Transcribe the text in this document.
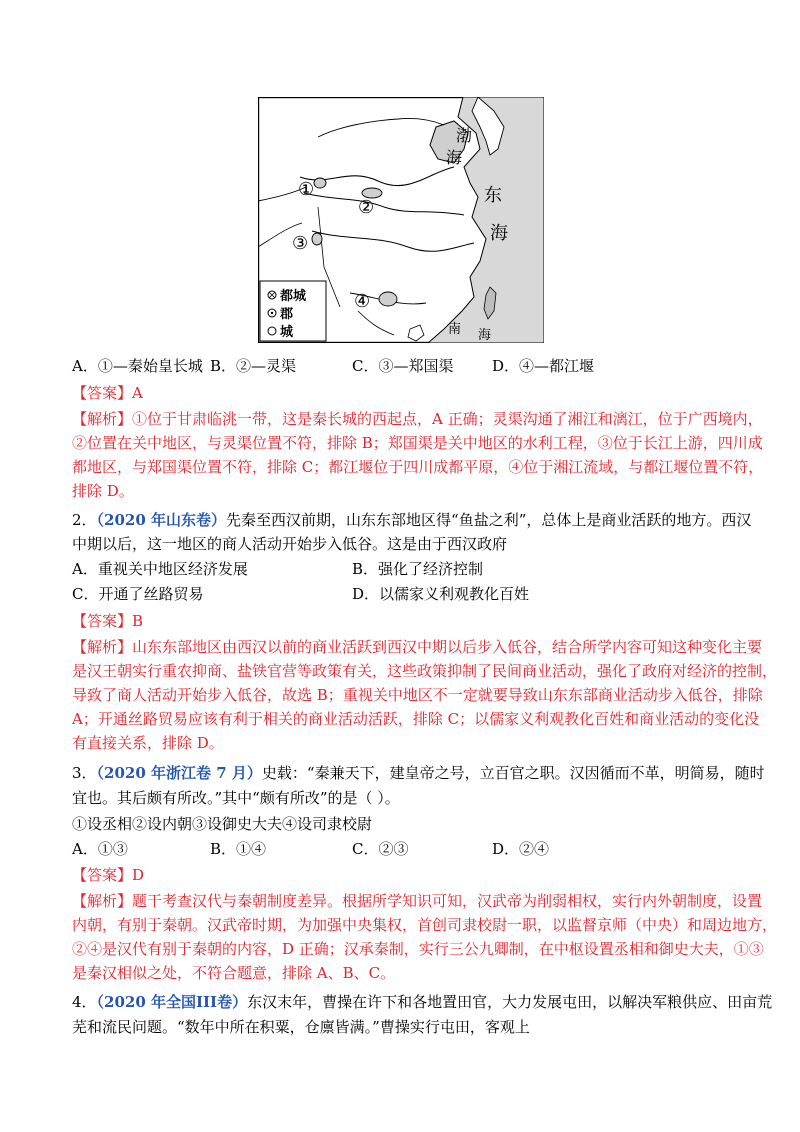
渤
海
东
海
南 海
①
②
③
④
都城
郡
城
A．①—秦始皇长城 B．②—灵渠	C．③—郑国渠	D．④—都江堰
【答案】A
【解析】①位于甘肃临洮一带，这是秦长城的西起点，A 正确；灵渠沟通了湘江和漓江，位于广西境内，
②位置在关中地区，与灵渠位置不符，排除 B；郑国渠是关中地区的水利工程，③位于长江上游，四川成
都地区，与郑国渠位置不符，排除 C；都江堰位于四川成都平原，④位于湘江流域，与都江堰位置不符，
排除 D。
2．（2020 年山东卷）先秦至西汉前期，山东东部地区得“鱼盐之利”，总体上是商业活跃的地方。西汉
中期以后，这一地区的商人活动开始步入低谷。这是由于西汉政府
A．重视关中地区经济发展	B．强化了经济控制
C．开通了丝路贸易	D．以儒家义利观教化百姓
【答案】B
【解析】山东东部地区由西汉以前的商业活跃到西汉中期以后步入低谷，结合所学内容可知这种变化主要
是汉王朝实行重农抑商、盐铁官营等政策有关，这些政策抑制了民间商业活动，强化了政府对经济的控制，
导致了商人活动开始步入低谷，故选 B；重视关中地区不一定就要导致山东东部商业活动步入低谷，排除
A；开通丝路贸易应该有利于相关的商业活动活跃，排除 C；以儒家义利观教化百姓和商业活动的变化没
有直接关系，排除 D。
3．（2020 年浙江卷 7 月）史载：“秦兼天下，建皇帝之号，立百官之职。汉因循而不革，明简易，随时
宜也。其后颇有所改。”其中“颇有所改”的是（ ）。
①设丞相②设内朝③设御史大夫④设司隶校尉
A．①③	B．①④	C．②③	D．②④
【答案】D
【解析】题干考查汉代与秦朝制度差异。根据所学知识可知，汉武帝为削弱相权，实行内外朝制度，设置
内朝，有别于秦朝。汉武帝时期，为加强中央集权，首创司隶校尉一职，以监督京师（中央）和周边地方，
②④是汉代有别于秦朝的内容，D 正确；汉承秦制，实行三公九卿制，在中枢设置丞相和御史大夫，①③
是秦汉相似之处，不符合题意，排除 A、B、C。
4．（2020 年全国III卷）东汉末年，曹操在许下和各地置田官，大力发展屯田，以解决军粮供应、田亩荒
芜和流民问题。“数年中所在积粟，仓廪皆满。”曹操实行屯田，客观上
